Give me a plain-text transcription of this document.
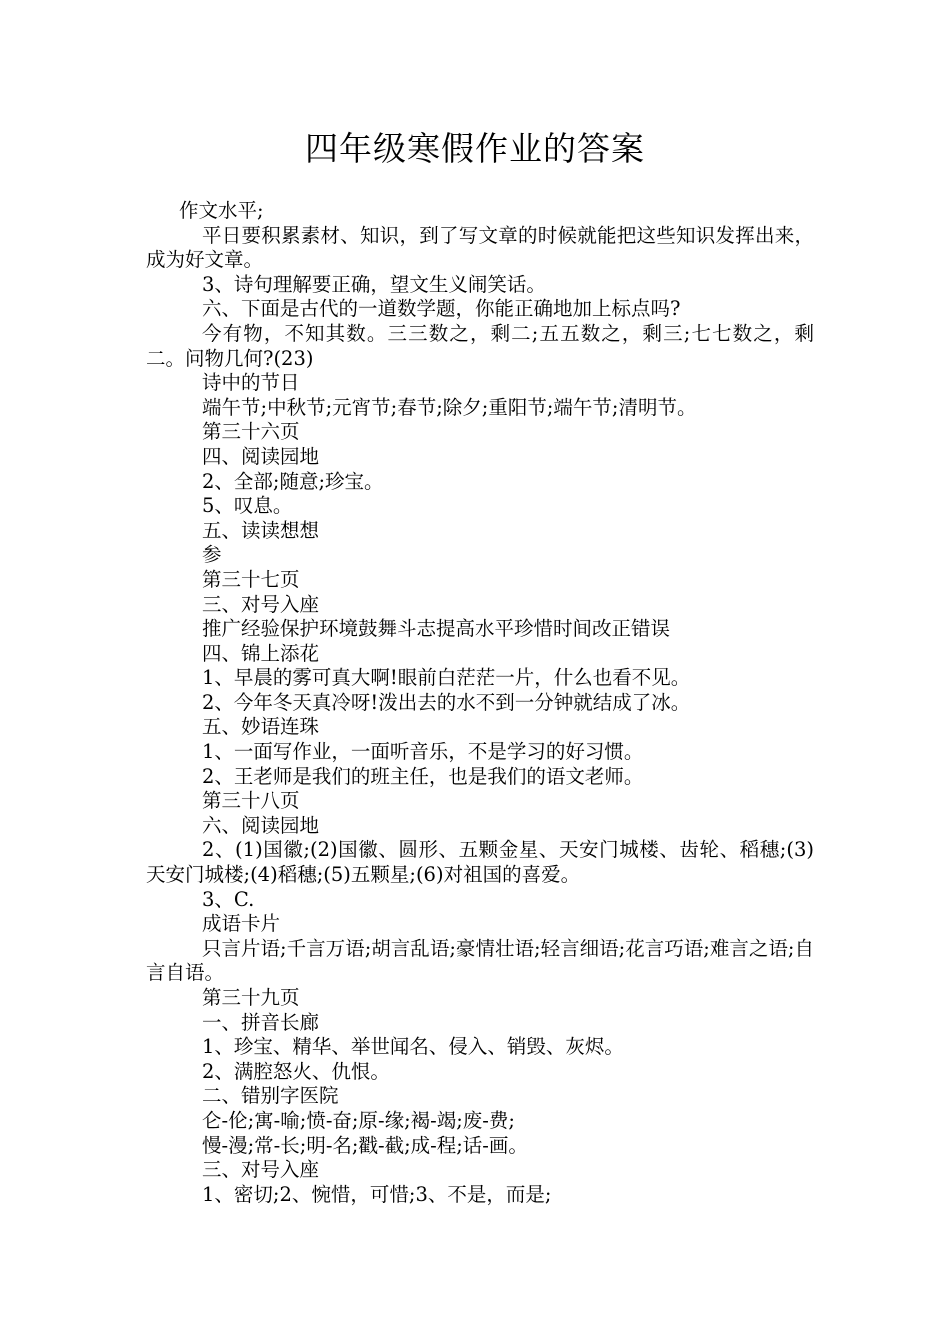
四年级寒假作业的答案

作文水平;

平日要积累素材、知识，到了写文章的时候就能把这些知识发挥出来，成为好文章。

3、诗句理解要正确，望文生义闹笑话。

六、下面是古代的一道数学题，你能正确地加上标点吗?

今有物，不知其数。三三数之，剩二;五五数之，剩三;七七数之，剩二。问物几何?(23)

诗中的节日

端午节;中秋节;元宵节;春节;除夕;重阳节;端午节;清明节。

第三十六页

四、阅读园地

2、全部;随意;珍宝。

5、叹息。

五、读读想想

参

第三十七页

三、对号入座

推广经验保护环境鼓舞斗志提高水平珍惜时间改正错误

四、锦上添花

1、早晨的雾可真大啊!眼前白茫茫一片，什么也看不见。

2、今年冬天真冷呀!泼出去的水不到一分钟就结成了冰。

五、妙语连珠

1、一面写作业，一面听音乐，不是学习的好习惯。

2、王老师是我们的班主任，也是我们的语文老师。

第三十八页

六、阅读园地

2、(1)国徽;(2)国徽、圆形、五颗金星、天安门城楼、齿轮、稻穗;(3)天安门城楼;(4)稻穗;(5)五颗星;(6)对祖国的喜爱。

3、C.

成语卡片

只言片语;千言万语;胡言乱语;豪情壮语;轻言细语;花言巧语;难言之语;自言自语。

第三十九页

一、拼音长廊

1、珍宝、精华、举世闻名、侵入、销毁、灰烬。

2、满腔怒火、仇恨。

二、错别字医院

仑-伦;寓-喻;愤-奋;原-缘;褐-竭;废-费;

慢-漫;常-长;明-名;戳-截;成-程;话-画。

三、对号入座

1、密切;2、惋惜，可惜;3、不是，而是;
